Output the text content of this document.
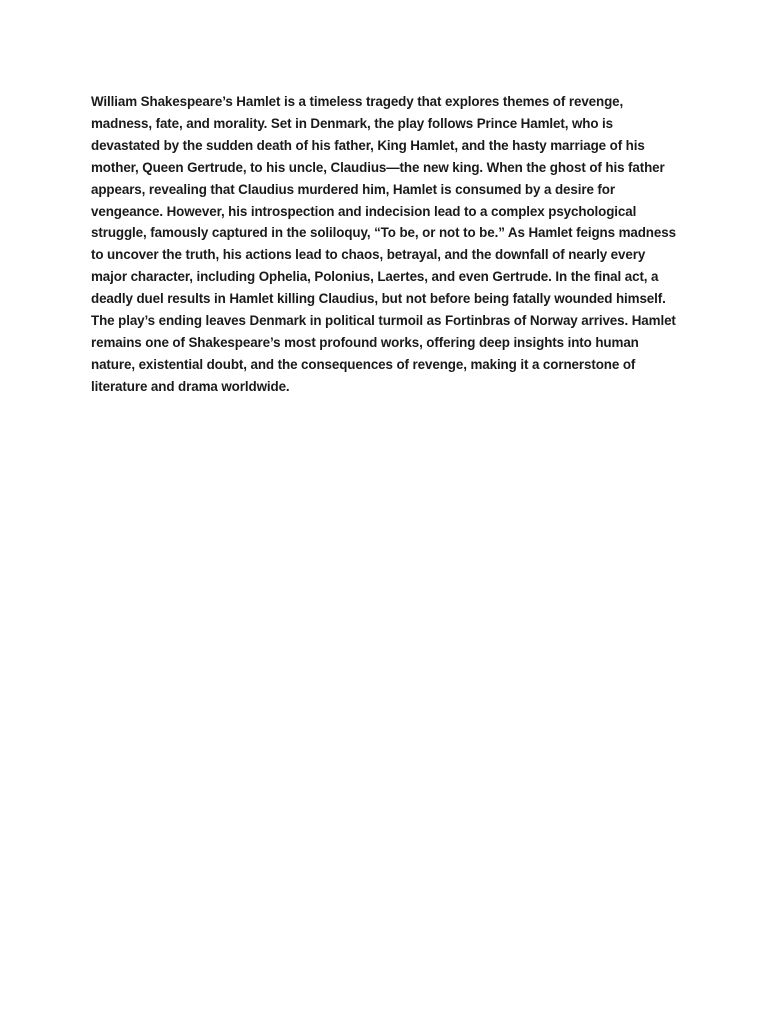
William Shakespeare’s Hamlet is a timeless tragedy that explores themes of revenge, madness, fate, and morality. Set in Denmark, the play follows Prince Hamlet, who is devastated by the sudden death of his father, King Hamlet, and the hasty marriage of his mother, Queen Gertrude, to his uncle, Claudius—the new king. When the ghost of his father appears, revealing that Claudius murdered him, Hamlet is consumed by a desire for vengeance. However, his introspection and indecision lead to a complex psychological struggle, famously captured in the soliloquy, “To be, or not to be.” As Hamlet feigns madness to uncover the truth, his actions lead to chaos, betrayal, and the downfall of nearly every major character, including Ophelia, Polonius, Laertes, and even Gertrude. In the final act, a deadly duel results in Hamlet killing Claudius, but not before being fatally wounded himself. The play’s ending leaves Denmark in political turmoil as Fortinbras of Norway arrives. Hamlet remains one of Shakespeare’s most profound works, offering deep insights into human nature, existential doubt, and the consequences of revenge, making it a cornerstone of literature and drama worldwide.
